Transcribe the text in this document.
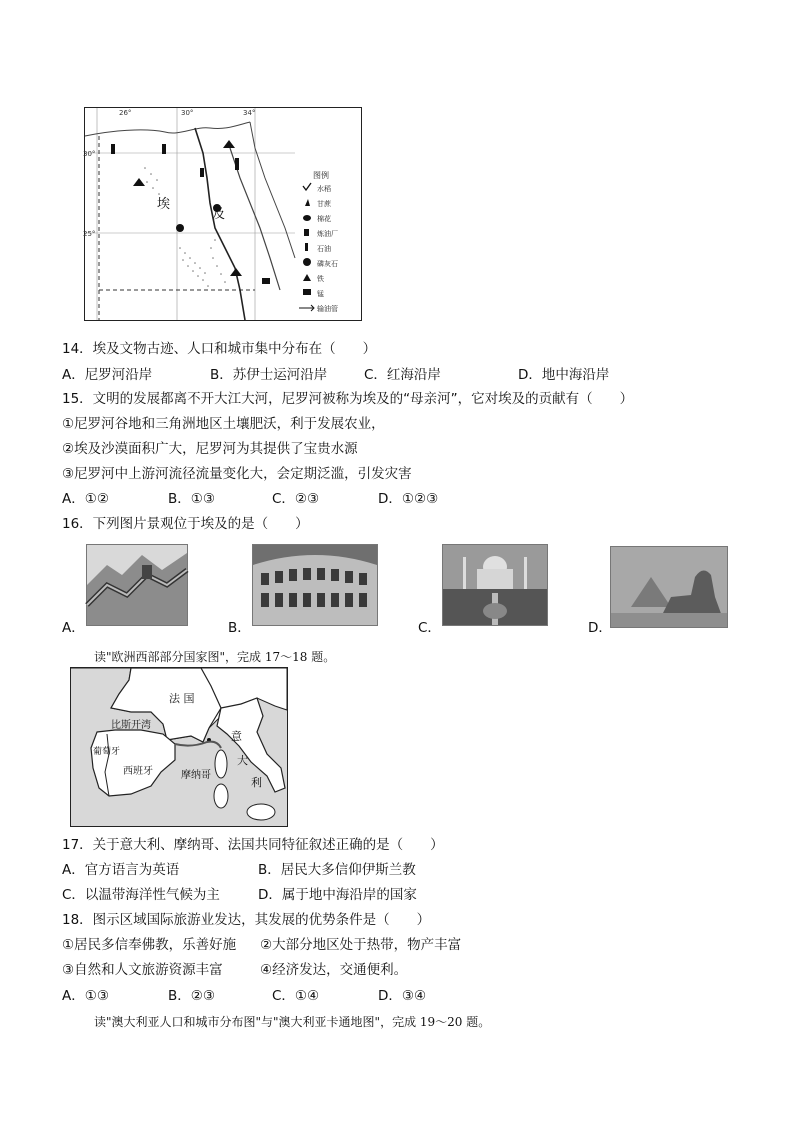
埃
及
26°	30°	34°
30°
25°
图例
水稻
甘蔗
棉花
炼油厂
石油
磷灰石
铁
锰
输油管
14．埃及文物古迹、人口和城市集中分布在（　　）
A．尼罗河沿岸	B．苏伊士运河沿岸	C．红海沿岸	D．地中海沿岸
15．文明的发展都离不开大江大河，尼罗河被称为埃及的“母亲河”，它对埃及的贡献有（　　）
①尼罗河谷地和三角洲地区土壤肥沃，利于发展农业，
②埃及沙漠面积广大，尼罗河为其提供了宝贵水源
③尼罗河中上游河流径流量变化大，会定期泛滥，引发灾害
A．①②	B．①③	C．②③	D．①②③
16．下列图片景观位于埃及的是（　　）
A．	B．	C．	D．
读"欧洲西部部分国家图"，完成 17～18 题。
比斯开湾
法 国
意
大
利
葡萄牙
西班牙	摩纳哥
17．关于意大利、摩纳哥、法国共同特征叙述正确的是（　　）
A．官方语言为英语	B．居民大多信仰伊斯兰教
C．以温带海洋性气候为主	D．属于地中海沿岸的国家
18．图示区域国际旅游业发达，其发展的优势条件是（　　）
①居民多信奉佛教，乐善好施 ②大部分地区处于热带，物产丰富
③自然和人文旅游资源丰富	④经济发达，交通便利。
A．①③	B．②③	C．①④	D．③④
读"澳大利亚人口和城市分布图"与"澳大利亚卡通地图"，完成 19～20 题。
